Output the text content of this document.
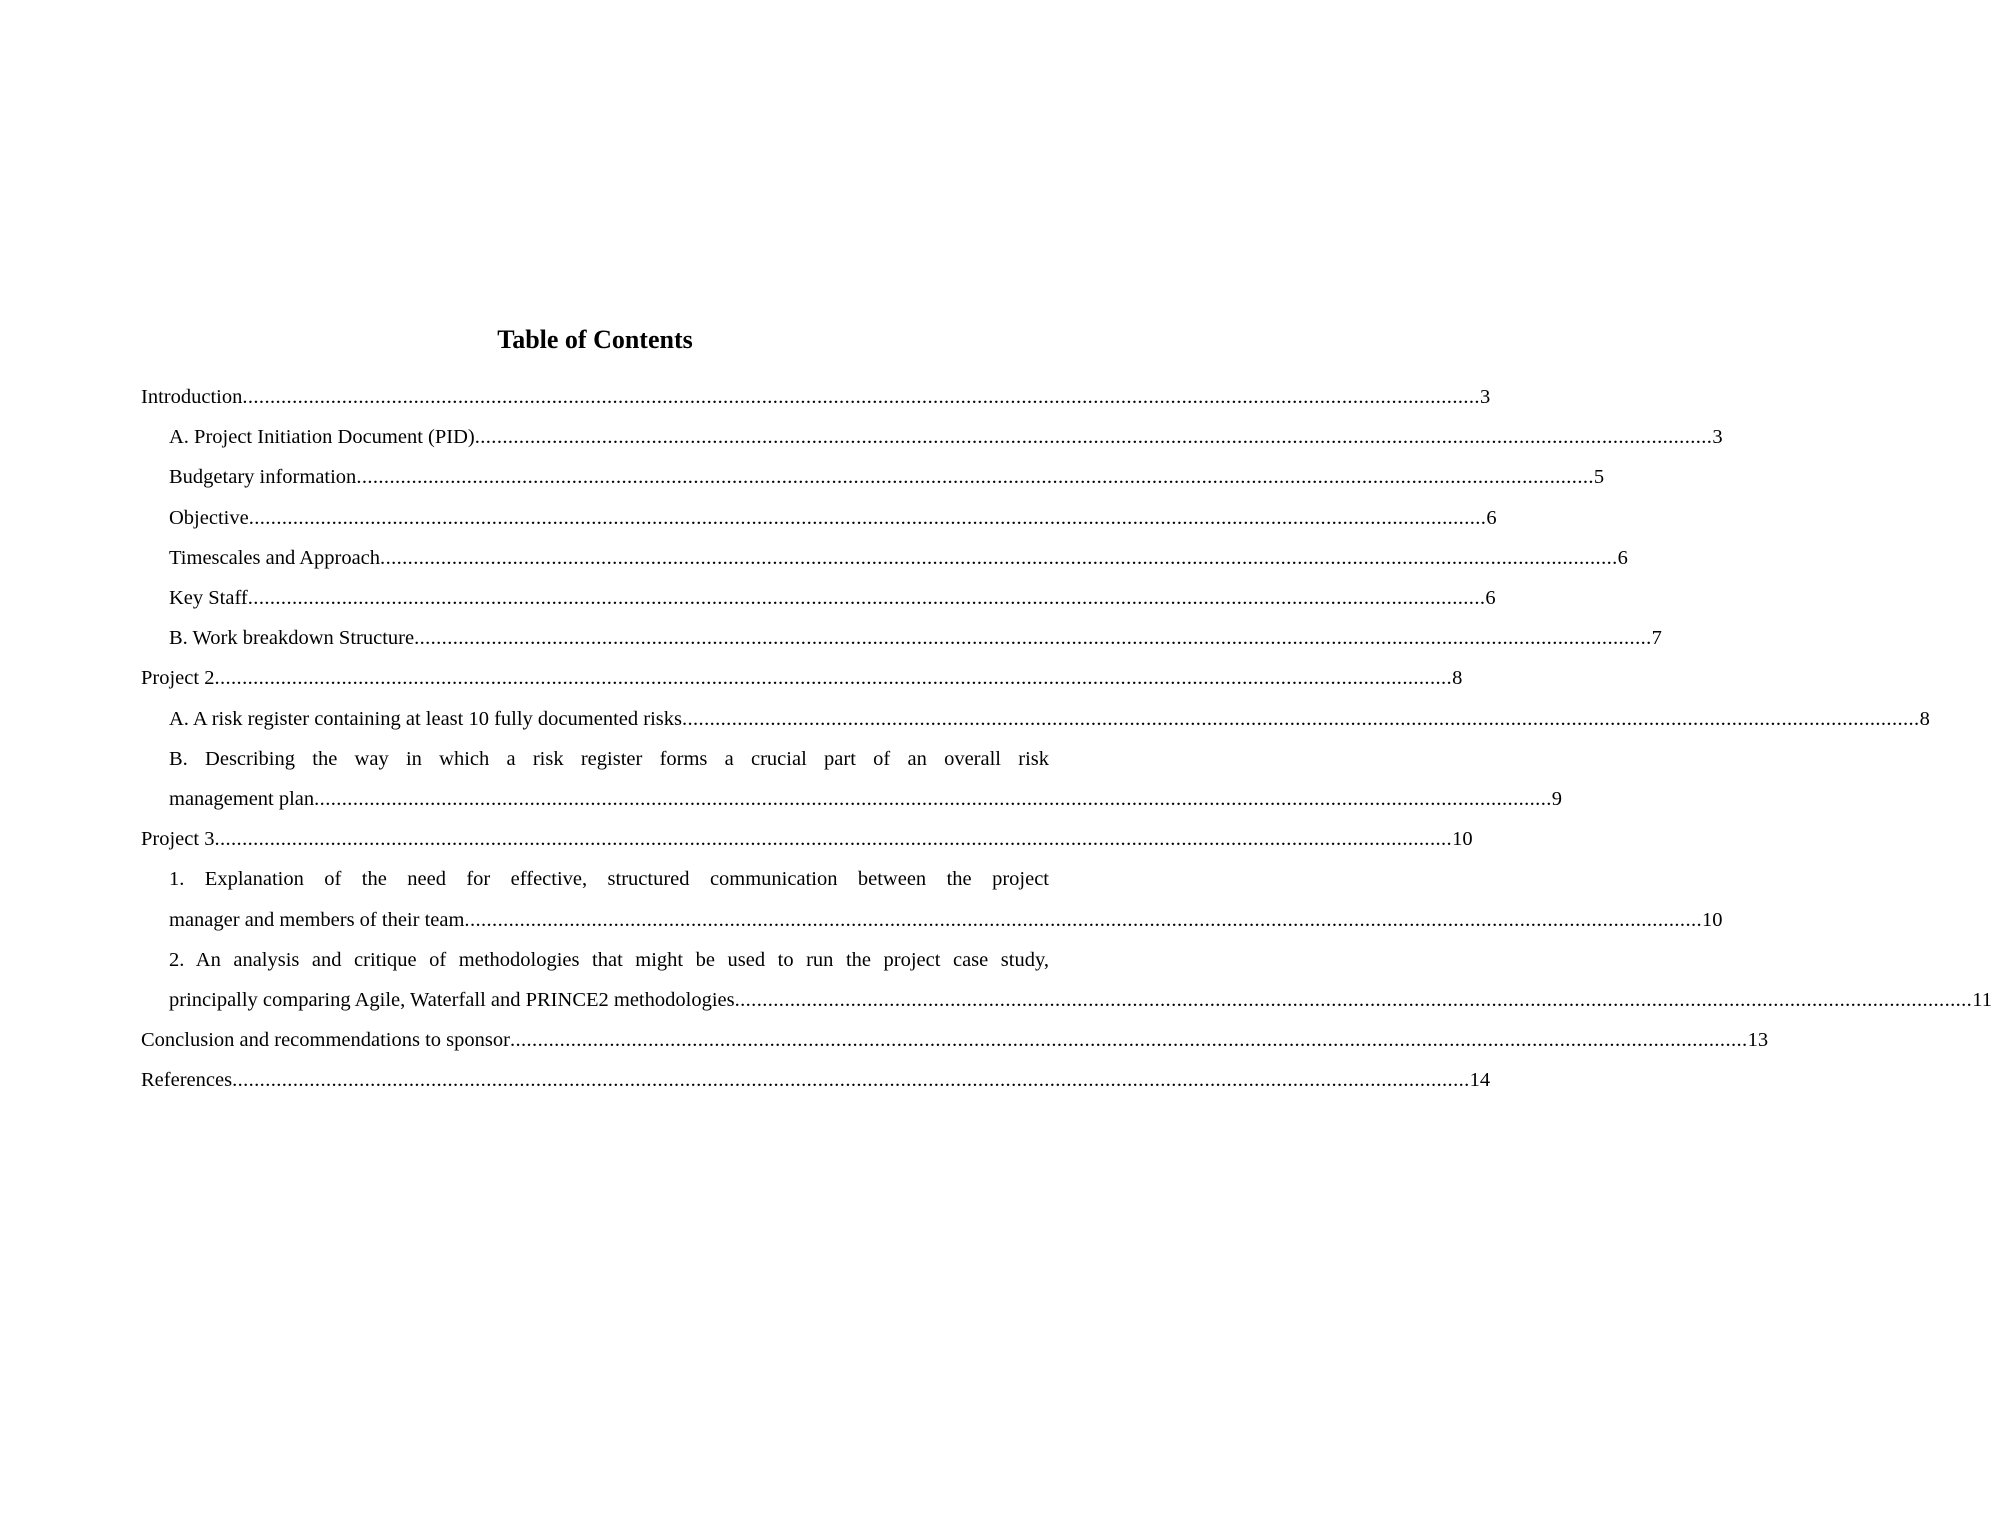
Table of Contents
Introduction ................................................................................................................................................................................................................................ 3
A. Project Initiation Document (PID) ................................................................................................................................................................................................................................ 3
Budgetary information ................................................................................................................................................................................................................................ 5
Objective ................................................................................................................................................................................................................................ 6
Timescales and Approach ................................................................................................................................................................................................................................ 6
Key Staff ................................................................................................................................................................................................................................ 6
B. Work breakdown Structure ................................................................................................................................................................................................................................ 7
Project 2 ................................................................................................................................................................................................................................ 8
A. A risk register containing at least 10 fully documented risks ................................................................................................................................................................................................................................ 8
B. Describing the way in which a risk register forms a crucial part of an overall risk
management plan ................................................................................................................................................................................................................................ 9
Project 3 ................................................................................................................................................................................................................................ 10
1. Explanation of the need for effective, structured communication between the project
manager and members of their team ................................................................................................................................................................................................................................ 10
2. An analysis and critique of methodologies that might be used to run the project case study,
principally comparing Agile, Waterfall and PRINCE2 methodologies ................................................................................................................................................................................................................................ 11
Conclusion and recommendations to sponsor ................................................................................................................................................................................................................................ 13
References ................................................................................................................................................................................................................................ 14
